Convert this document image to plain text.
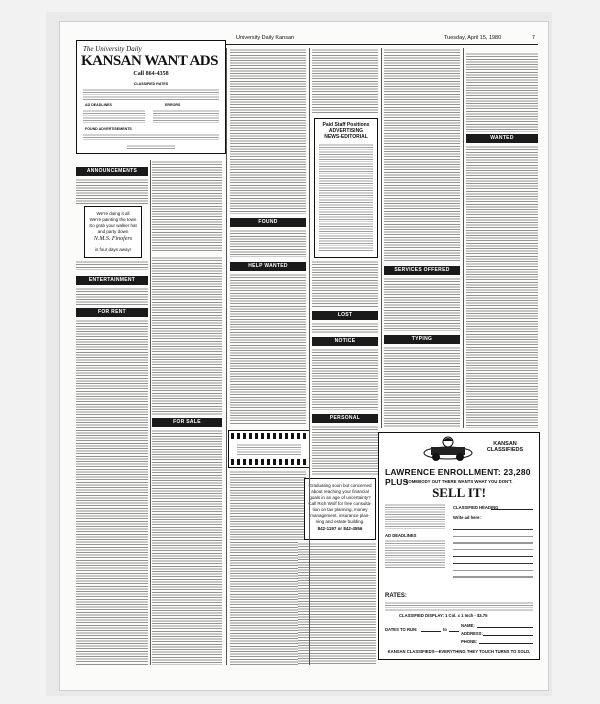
University Daily Kansan	Tuesday, April 15, 1980	7
The University Daily
KANSAN WANT ADS
Call 864-4358
CLASSIFIED RATES
AD DEADLINES	ERRORS
FOUND ADVERTISEMENTS
ANNOUNCEMENTS
We're doing it all
We're painting the town
So grab your walker hat
and party down
N.M.S. Finofers
is four days away!
ENTERTAINMENT
FOR RENT
FOR SALE
FOUND
HELP WANTED
Paid Staff Positions
ADVERTISING
NEWS-EDITORIAL
LOST
NOTICE
PERSONAL
Graduating soon but concerned
about reaching your financial
goals in an age of uncertainty?
Call Rich Wolf for free consulta-
tion on tax planning, money
management, insurance plan-
ning and estate building.
842-1197 or 842-4556
SERVICES OFFERED
TYPING
WANTED
KANSAN CLASSIFIEDS
LAWRENCE ENROLLMENT: 23,280 PLUS
SOMEBODY OUT THERE WANTS WHAT YOU DON'T.
SELL IT!
CLASSIFIED HEADING
Write ad here:
AD DEADLINES
RATES:
CLASSIFIED DISPLAY: 1 Col. x 1 Inch - $3.75
DATES TO RUN:	to
NAME:
ADDRESS:
PHONE:
KANSAN CLASSIFIEDS—EVERYTHING THEY TOUCH TURNS TO SOLD.
